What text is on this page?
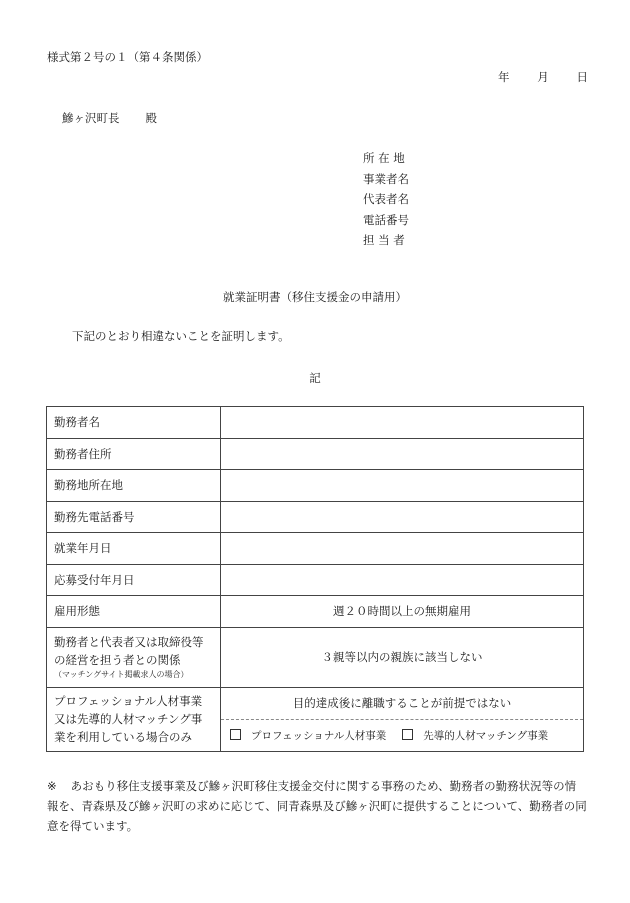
様式第２号の１（第４条関係）
年 月 日
鰺ヶ沢町長 殿
所 在 地
事業者名
代表者名
電話番号
担 当 者
就業証明書（移住支援金の申請用）
下記のとおり相違ないことを証明します。
記
勤務者名	
勤務者住所	
勤務地所在地	
勤務先電話番号	
就業年月日	
応募受付年月日	
雇用形態	週２０時間以上の無期雇用

勤務者と代表者又は取締役等
の経営を担う者との関係
（マッチングサイト掲載求人の場合）	３親等以内の親族に該当しない

プロフェッショナル人材事業
又は先導的人材マッチング事
業を利用している場合のみ	目的達成後に離職することが前提ではない
	プロフェッショナル人材事業 先導的人材マッチング事業
※ あおもり移住支援事業及び鰺ヶ沢町移住支援金交付に関する事務のため、勤務者の勤務状況等の情報を、青森県及び鰺ヶ沢町の求めに応じて、同青森県及び鰺ヶ沢町に提供することについて、勤務者の同意を得ています。
